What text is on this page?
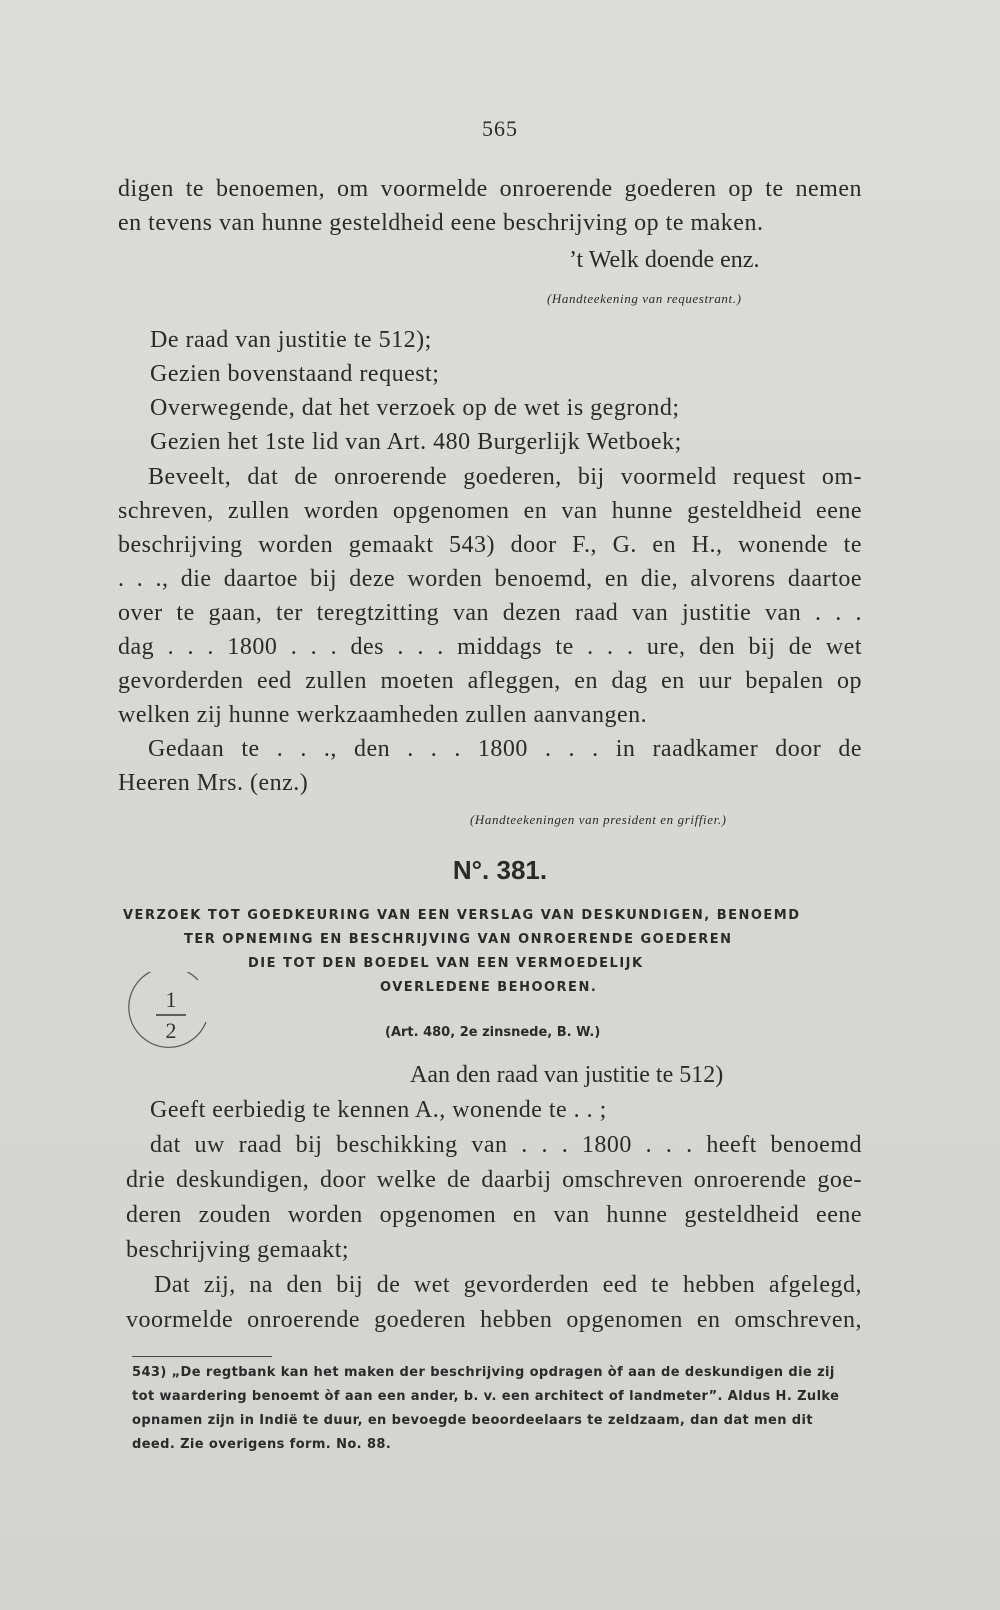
565
digen te benoemen, om voormelde onroerende goederen op te nemen
en tevens van hunne gesteldheid eene beschrijving op te maken.
’t Welk doende enz.
(Handteekening van requestrant.)
De raad van justitie te 512);
Gezien bovenstaand request;
Overwegende, dat het verzoek op de wet is gegrond;
Gezien het 1ste lid van Art. 480 Burgerlijk Wetboek;
Beveelt, dat de onroerende goederen, bij voormeld request om-
schreven, zullen worden opgenomen en van hunne gesteldheid eene
beschrijving worden gemaakt 543) door F., G. en H., wonende te
. . ., die daartoe bij deze worden benoemd, en die, alvorens daartoe
over te gaan, ter teregtzitting van dezen raad van justitie van . . .
dag . . . 1800 . . . des . . . middags te . . . ure, den bij de wet
gevorderden eed zullen moeten afleggen, en dag en uur bepalen op
welken zij hunne werkzaamheden zullen aanvangen.
Gedaan te . . ., den . . . 1800 . . . in raadkamer door de
Heeren Mrs. (enz.)
(Handteekeningen van president en griffier.)
N°. 381.
VERZOEK TOT GOEDKEURING VAN EEN VERSLAG VAN DESKUNDIGEN, BENOEMD
TER OPNEMING EN BESCHRIJVING VAN ONROERENDE GOEDEREN
DIE TOT DEN BOEDEL VAN EEN VERMOEDELIJK
OVERLEDENE BEHOOREN.
1
2	(Art. 480, 2e zinsnede, B. W.)
Aan den raad van justitie te 512)
Geeft eerbiedig te kennen A., wonende te . . ;
dat uw raad bij beschikking van . . . 1800 . . . heeft benoemd
drie deskundigen, door welke de daarbij omschreven onroerende goe-
deren zouden worden opgenomen en van hunne gesteldheid eene
beschrijving gemaakt;
Dat zij, na den bij de wet gevorderden eed te hebben afgelegd,
voormelde onroerende goederen hebben opgenomen en omschreven,
543) „De regtbank kan het maken der beschrijving opdragen òf aan de deskundigen die zij
tot waardering benoemt òf aan een ander, b. v. een architect of landmeter”. Aldus H. Zulke
opnamen zijn in Indië te duur, en bevoegde beoordeelaars te zeldzaam, dan dat men dit
deed. Zie overigens form. No. 88.
